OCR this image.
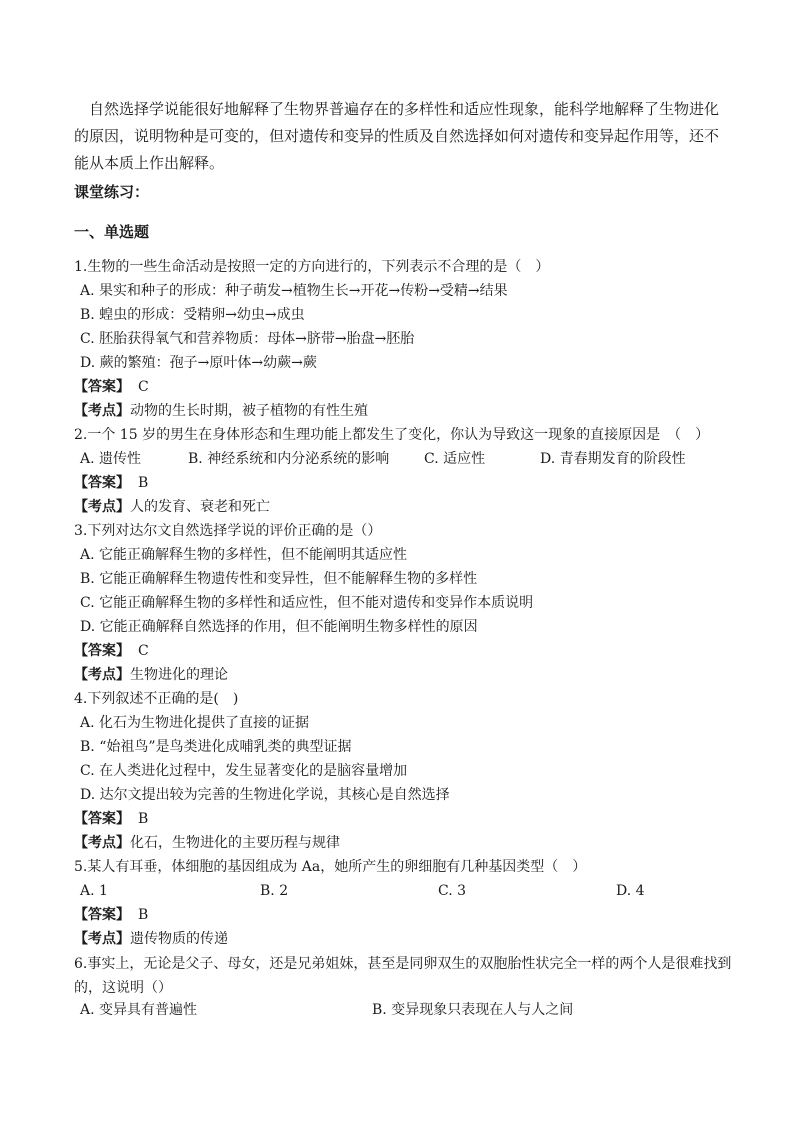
自然选择学说能很好地解释了生物界普遍存在的多样性和适应性现象，能科学地解释了生物进化的原因，说明物种是可变的，但对遗传和变异的性质及自然选择如何对遗传和变异起作用等，还不能从本质上作出解释。

课堂练习：

一、单选题

1.生物的一些生命活动是按照一定的方向进行的，下列表示不合理的是（　）
A. 果实和种子的形成：种子萌发→植物生长→开花→传粉→受精→结果
B. 蝗虫的形成：受精卵→幼虫→成虫
C. 胚胎获得氧气和营养物质：母体→脐带→胎盘→胚胎
D. 蕨的繁殖：孢子→原叶体→幼蕨→蕨
【答案】 C
【考点】动物的生长时期，被子植物的有性生殖
2.一个 15 岁的男生在身体形态和生理功能上都发生了变化，你认为导致这一现象的直接原因是　（　）
A. 遗传性	B. 神经系统和内分泌系统的影响 C. 适应性	D. 青春期发育的阶段性
【答案】 B
【考点】人的发育、衰老和死亡
3.下列对达尔文自然选择学说的评价正确的是（）
A. 它能正确解释生物的多样性，但不能阐明其适应性
B. 它能正确解释生物遗传性和变异性，但不能解释生物的多样性
C. 它能正确解释生物的多样性和适应性，但不能对遗传和变异作本质说明
D. 它能正确解释自然选择的作用，但不能阐明生物多样性的原因
【答案】 C
【考点】生物进化的理论
4.下列叙述不正确的是(　)
A. 化石为生物进化提供了直接的证据
B. “始祖鸟”是鸟类进化成哺乳类的典型证据
C. 在人类进化过程中，发生显著变化的是脑容量增加
D. 达尔文提出较为完善的生物进化学说，其核心是自然选择
【答案】 B
【考点】化石，生物进化的主要历程与规律
5.某人有耳垂，体细胞的基因组成为 Aa，她所产生的卵细胞有几种基因类型（　）
A. 1	B. 2	C. 3	D. 4
【答案】 B
【考点】遗传物质的传递

6.事实上，无论是父子、母女，还是兄弟姐妹，甚至是同卵双生的双胞胎性状完全一样的两个人是很难找到的，这说明（）

A. 变异具有普遍性	B. 变异现象只表现在人与人之间
